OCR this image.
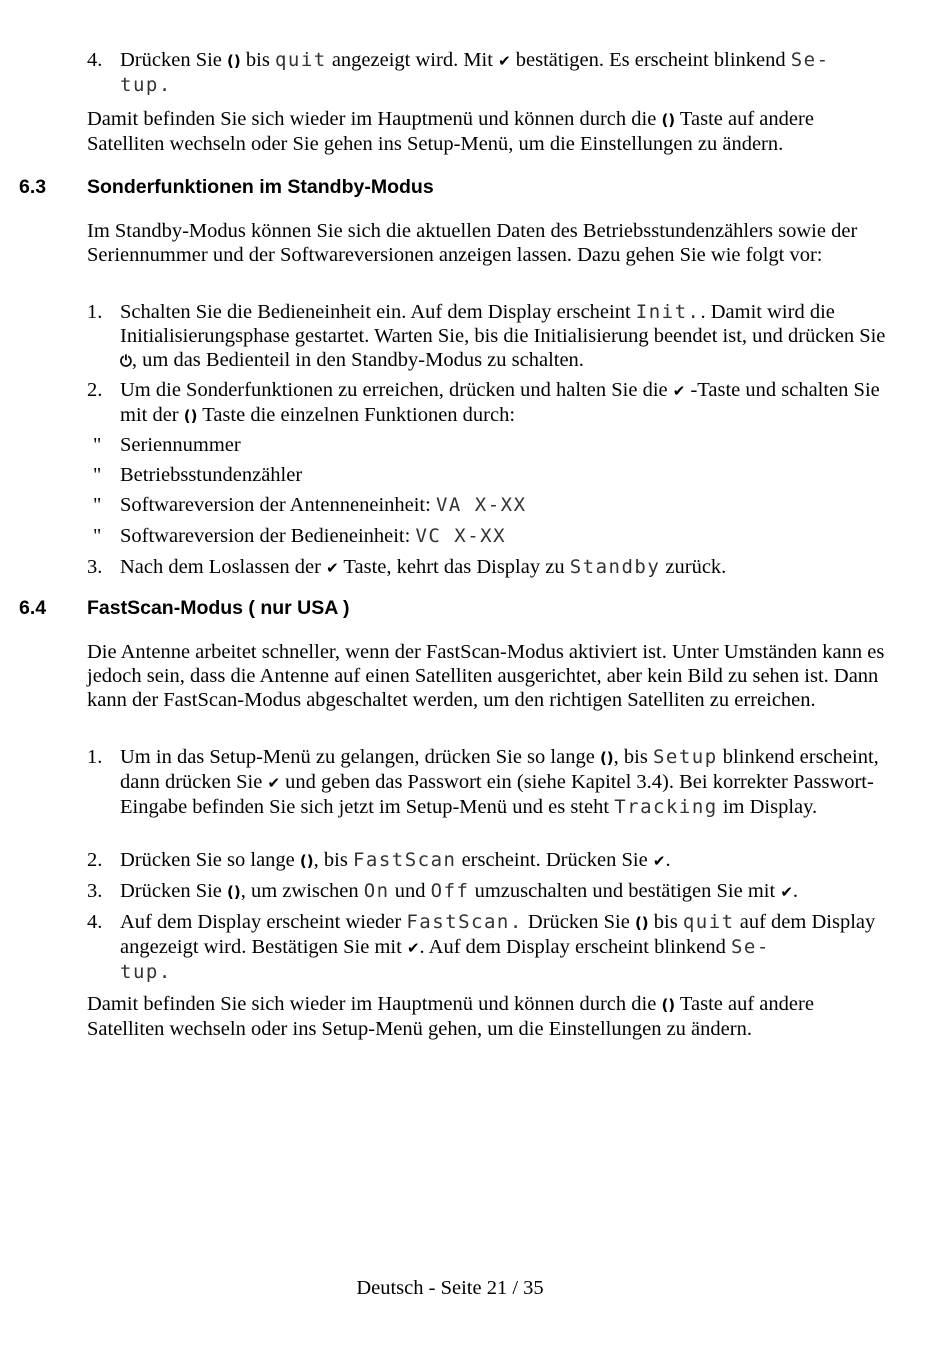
4. Drücken Sie () bis quit angezeigt wird. Mit ✔ bestätigen. Es erscheint blinkend Se-
tup.
Damit befinden Sie sich wieder im Hauptmenü und können durch die () Taste auf andere Satelliten wechseln oder Sie gehen ins Setup-Menü, um die Einstellungen zu ändern.
6.3 Sonderfunktionen im Standby-Modus
Im Standby-Modus können Sie sich die aktuellen Daten des Betriebsstundenzählers sowie der Seriennummer und der Softwareversionen anzeigen lassen. Dazu gehen Sie wie folgt vor:
1. Schalten Sie die Bedieneinheit ein. Auf dem Display erscheint Init.. Damit wird die Initialisierungsphase gestartet. Warten Sie, bis die Initialisierung beendet ist, und drücken Sie ⏻, um das Bedienteil in den Standby-Modus zu schalten.
2. Um die Sonderfunktionen zu erreichen, drücken und halten Sie die ✔ -Taste und schalten Sie mit der () Taste die einzelnen Funktionen durch:
" Seriennummer
" Betriebsstundenzähler
" Softwareversion der Antenneneinheit: VA X-XX
" Softwareversion der Bedieneinheit: VC X-XX
3. Nach dem Loslassen der ✔ Taste, kehrt das Display zu Standby zurück.
6.4 FastScan-Modus ( nur USA )
Die Antenne arbeitet schneller, wenn der FastScan-Modus aktiviert ist. Unter Umständen kann es jedoch sein, dass die Antenne auf einen Satelliten ausgerichtet, aber kein Bild zu sehen ist. Dann kann der FastScan-Modus abgeschaltet werden, um den richtigen Satelliten zu erreichen.
1. Um in das Setup-Menü zu gelangen, drücken Sie so lange (), bis Setup blinkend erscheint, dann drücken Sie ✔ und geben das Passwort ein (siehe Kapitel 3.4). Bei korrekter Passwort-Eingabe befinden Sie sich jetzt im Setup-Menü und es steht Tracking im Display.
2. Drücken Sie so lange (), bis FastScan erscheint. Drücken Sie ✔.
3. Drücken Sie (), um zwischen On und Off umzuschalten und bestätigen Sie mit ✔.
4. Auf dem Display erscheint wieder FastScan. Drücken Sie () bis quit auf dem Display angezeigt wird. Bestätigen Sie mit ✔. Auf dem Display erscheint blinkend Se-
tup.
Damit befinden Sie sich wieder im Hauptmenü und können durch die () Taste auf andere Satelliten wechseln oder ins Setup-Menü gehen, um die Einstellungen zu ändern.
Deutsch - Seite 21 / 35
